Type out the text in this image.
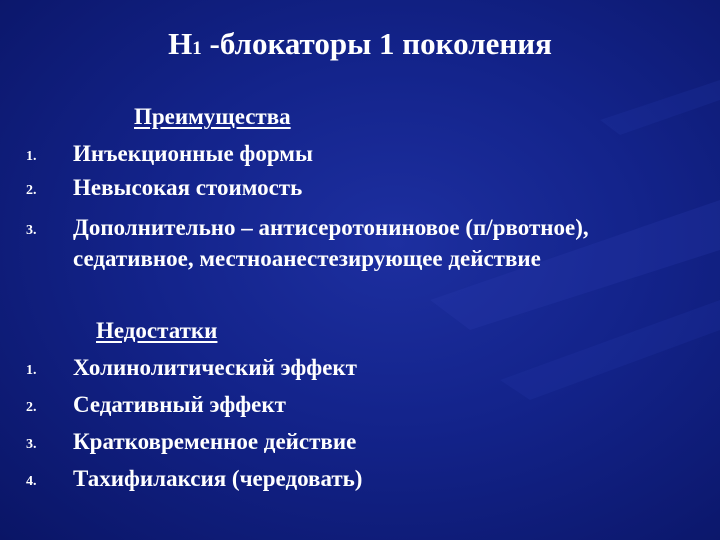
H1 -блокаторы 1 поколения
Преимущества
1. Инъекционные формы
2. Невысокая стоимость
3. Дополнительно – антисеротониновое (п/рвотное), седативное, местноанестезирующее действие
Недостатки
1. Холинолитический эффект
2. Седативный эффект
3. Кратковременное действие
4. Тахифилаксия (чередовать)
